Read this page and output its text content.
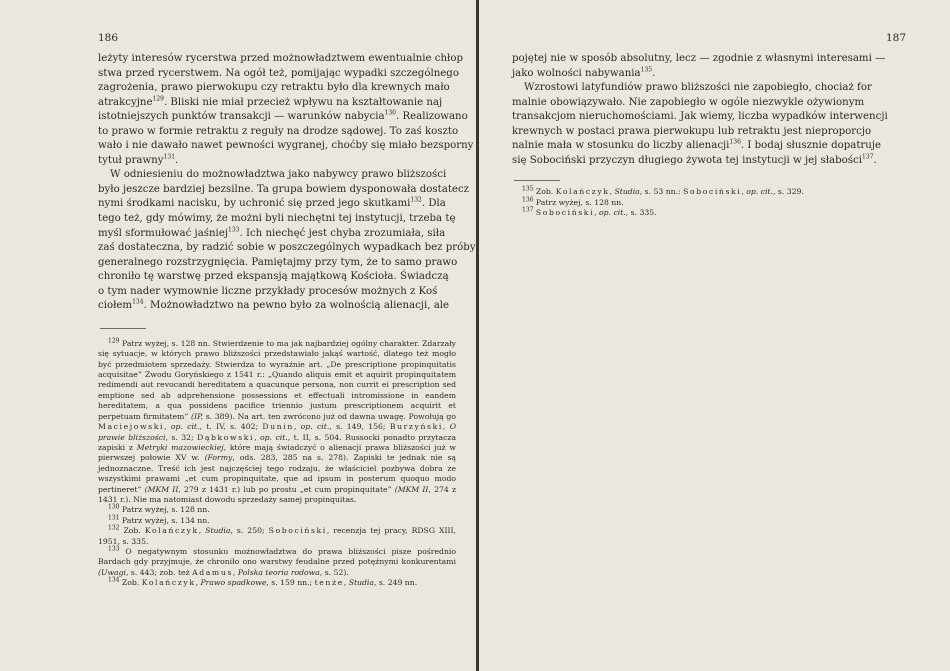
186

leżyty interesów rycerstwa przed możnowładztwem ewentualnie chłop
stwa przed rycerstwem. Na ogół też, pomijając wypadki szczególnego
zagrożenia, prawo pierwokupu czy retraktu było dla krewnych mało
atrakcyjne$^{129}$. Bliski nie miał przecież wpływu na kształtowanie naj
istotniejszych punktów transakcji — warunków nabycia$^{130}$. Realizowano
to prawo w formie retraktu z reguły na drodze sądowej. To zaś koszto
wało i nie dawało nawet pewności wygranej, choćby się miało bezsporny
tytuł prawny$^{131}$.

W odniesieniu do możnowładztwa jako nabywcy prawo bliższości
było jeszcze bardziej bezsilne. Ta grupa bowiem dysponowała dostatecz
nymi środkami nacisku, by uchronić się przed jego skutkami$^{132}$. Dla
tego też, gdy mówimy, że możni byli niechętni tej instytucji, trzeba tę
myśl sformułować jaśniej$^{133}$. Ich niechęć jest chyba zrozumiała, siła
zaś dostateczna, by radzić sobie w poszczególnych wypadkach bez próby
generalnego rozstrzygnięcia. Pamiętajmy przy tym, że to samo prawo
chroniło tę warstwę przed ekspansją majątkową Kościoła. Świadczą
o tym nader wymownie liczne przykłady procesów możnych z Koś
ciołem$^{134}$. Możnowładztwo na pewno było za wolnością alienacji, ale

$^{129}$ Patrz wyżej, s. 128 nn. Stwierdzenie to ma jak najbardziej ogólny charakter. Zdarzały się sytuacje, w których prawo bliższości przedstawiało jakąś wartość, dlatego też mogło być przedmiotem sprzedaży. Stwierdza to wyraźnie art. „De prescriptione propinquitatis acquisitae” Zwodu Goryńskiego z 1541 r.: „Quando aliquis emit et aquirit propinquitatem redimendi aut revocandi hereditatem a quacunque persona, non currit ei prescription sed emptione sed ab adprehensione possessions et effectuali intromissione in eandem hereditatem, a qua possidens pacifice triennio justum prescriptionem acquirit et perpetuam firmitatem” (IP, s. 389). Na art. ten zwrócono już od dawna uwagę. Powołują go Maciejowski, op. cit., t. IV, s. 402; Dunin, op. cit., s. 149, 156; Burzyński, O prawie bliższości, s. 32; Dąbkowski, op. cit., t. II, s. 504. Russocki ponadto przytacza zapiski z Metryki mazowieckiej, które mają świadczyć o alienacji prawa bliższości już w pierwszej połowie XV w. (Formy, ods. 283, 285 na s. 278). Zapiski te jednak nie są jednoznaczne. Treść ich jest najczęściej tego rodzaju, że właściciel pozbywa dobra ze wszystkimi prawami „et cum propinquitate, que ad ipsum in posterum quoquo modo pertineret” (MKM II, 279 z 1431 r.) lub po prostu „et cum propinquitate” (MKM II, 274 z 1431 r.). Nie ma natomiast dowodu sprzedaży samej propinquitas.

$^{130}$ Patrz wyżej, s. 128 nn.

$^{131}$ Patrz wyżej, s. 134 nn.

$^{132}$ Zob. Kolańczyk, Studia, s. 250; Sobociński, recenzja tej pracy, RDSG XIII, 1951, s. 335.

$^{133}$ O negatywnym stosunku możnowładztwa do prawa bliższości pisze pośrednio Bardach gdy przyjmuje, że chroniło ono warstwy feudalne przed potężnymi konkurentami (Uwagi, s. 443; zob. też Adamus, Polska teoria rodowa, s. 52).

$^{134}$ Zob. Kolańczyk, Prawo spadkowe, s. 159 nn.; tenże, Studia, s. 249 nn.

187

pojętej nie w sposób absolutny, lecz — zgodnie z własnymi interesami —
jako wolności nabywania$^{135}$.

Wzrostowi latyfundiów prawo bliższości nie zapobiegło, chociaż for
malnie obowiązywało. Nie zapobiegło w ogóle niezwykle ożywionym
transakcjom nieruchomościami. Jak wiemy, liczba wypadków interwencji
krewnych w postaci prawa pierwokupu lub retraktu jest nieproporcjo
nalnie mała w stosunku do liczby alienacji$^{136}$. I bodaj słusznie dopatruje
się Sobociński przyczyn długiego żywota tej instytucji w jej słabości$^{137}$.

$^{135}$ Zob. Kolańczyk, Studia, s. 53 nn.: Sobociński, op. cit., s. 329.

$^{136}$ Patrz wyżej, s. 128 nn.

$^{137}$ Sobociński, op. cit., s. 335.
